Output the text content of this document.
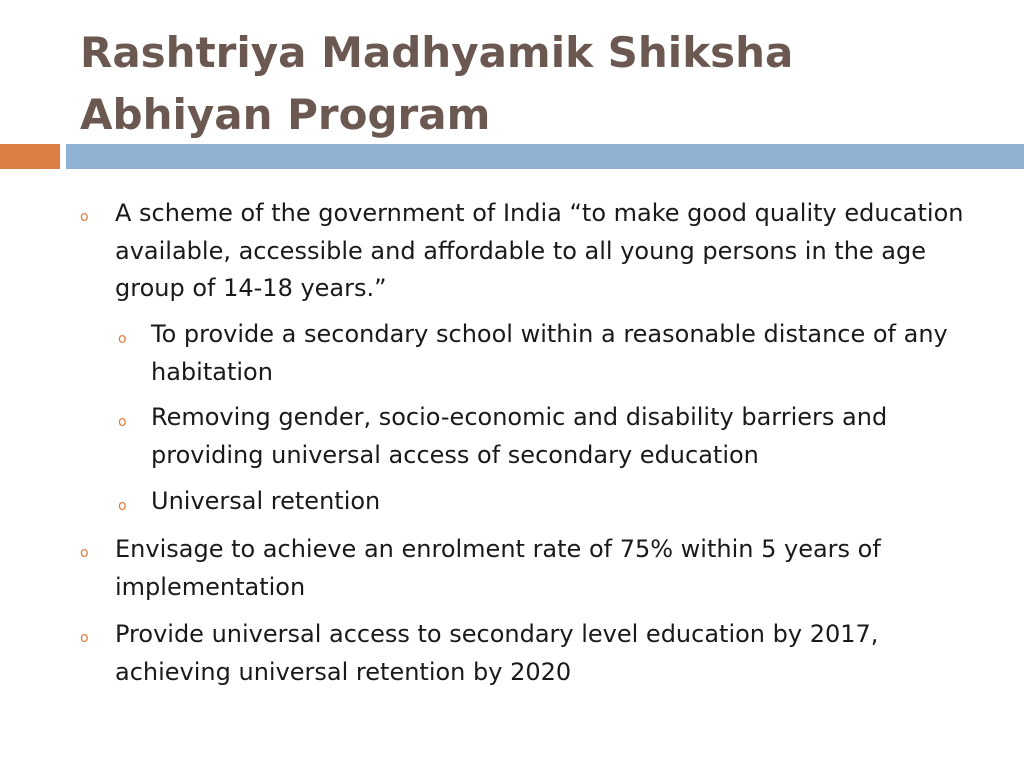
Rashtriya Madhyamik Shiksha Abhiyan Program
o A scheme of the government of India “to make good quality education available, accessible and affordable to all young persons in the age group of 14-18 years.”
o To provide a secondary school within a reasonable distance of any habitation
o Removing gender, socio-economic and disability barriers and providing universal access of secondary education
o Universal retention
o Envisage to achieve an enrolment rate of 75% within 5 years of implementation
o Provide universal access to secondary level education by 2017, achieving universal retention by 2020
